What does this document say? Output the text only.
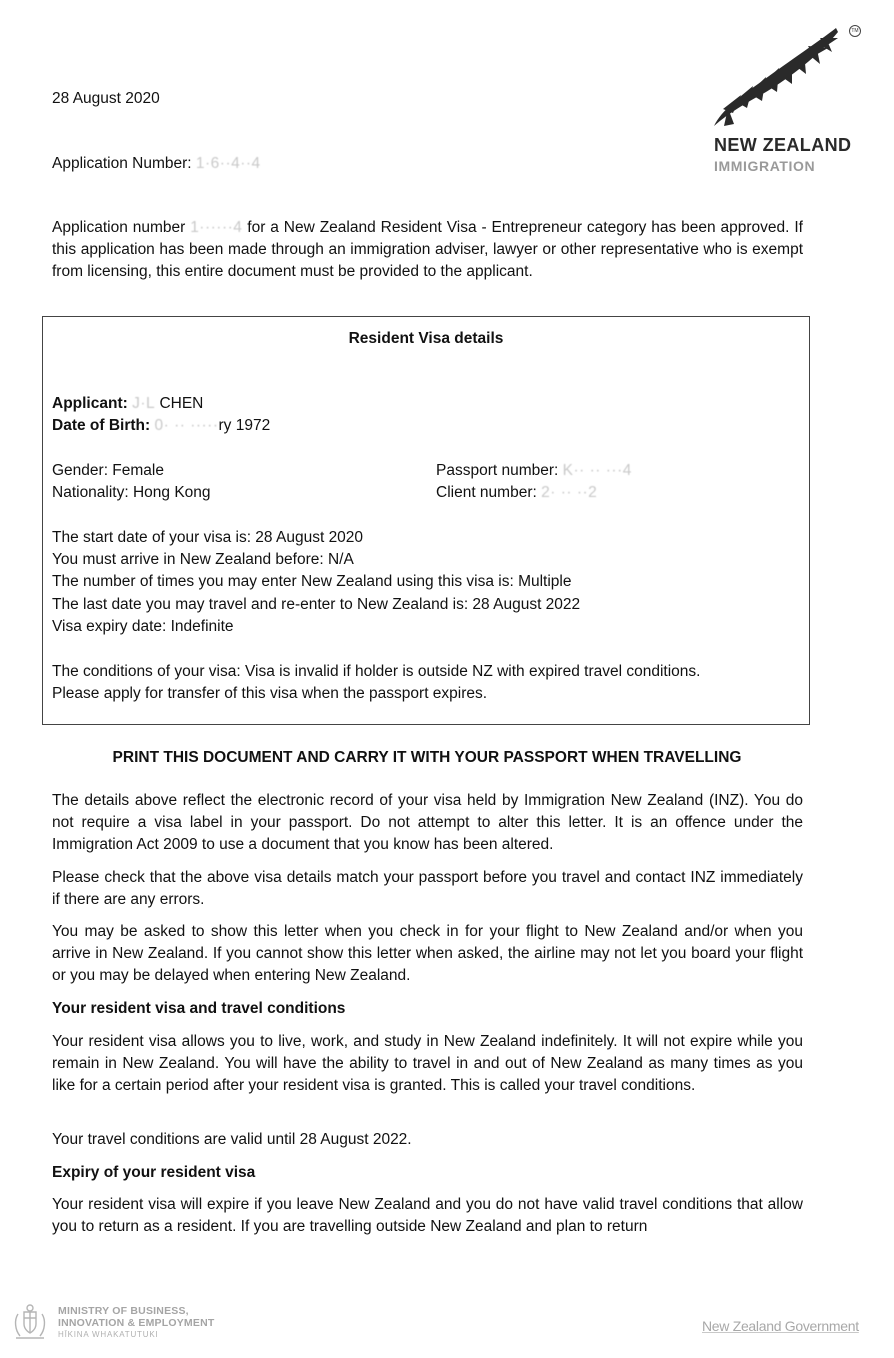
28 August 2020
Application Number: 1·6··4··4
TM
NEW ZEALAND
IMMIGRATION
Application number 1······4 for a New Zealand Resident Visa - Entrepreneur category has been approved. If this application has been made through an immigration adviser, lawyer or other representative who is exempt from licensing, this entire document must be provided to the applicant.
Resident Visa details
Applicant: J·L CHEN
Date of Birth: 0· ·· ·····ry 1972
Gender: Female
Nationality: Hong Kong
Passport number: K·· ·· ···4
Client number: 2· ·· ··2
The start date of your visa is: 28 August 2020
You must arrive in New Zealand before: N/A
The number of times you may enter New Zealand using this visa is: Multiple
The last date you may travel and re-enter to New Zealand is: 28 August 2022
Visa expiry date: Indefinite
The conditions of your visa: Visa is invalid if holder is outside NZ with expired travel conditions.
Please apply for transfer of this visa when the passport expires.
PRINT THIS DOCUMENT AND CARRY IT WITH YOUR PASSPORT WHEN TRAVELLING
The details above reflect the electronic record of your visa held by Immigration New Zealand (INZ). You do not require a visa label in your passport. Do not attempt to alter this letter. It is an offence under the Immigration Act 2009 to use a document that you know has been altered.
Please check that the above visa details match your passport before you travel and contact INZ immediately if there are any errors.
You may be asked to show this letter when you check in for your flight to New Zealand and/or when you arrive in New Zealand. If you cannot show this letter when asked, the airline may not let you board your flight or you may be delayed when entering New Zealand.
Your resident visa and travel conditions
Your resident visa allows you to live, work, and study in New Zealand indefinitely. It will not expire while you remain in New Zealand. You will have the ability to travel in and out of New Zealand as many times as you like for a certain period after your resident visa is granted. This is called your travel conditions.
Your travel conditions are valid until 28 August 2022.
Expiry of your resident visa
Your resident visa will expire if you leave New Zealand and you do not have valid travel conditions that allow you to return as a resident. If you are travelling outside New Zealand and plan to return
MINISTRY OF BUSINESS,
INNOVATION & EMPLOYMENT
HĪKINA WHAKATUTUKI
New Zealand Government
